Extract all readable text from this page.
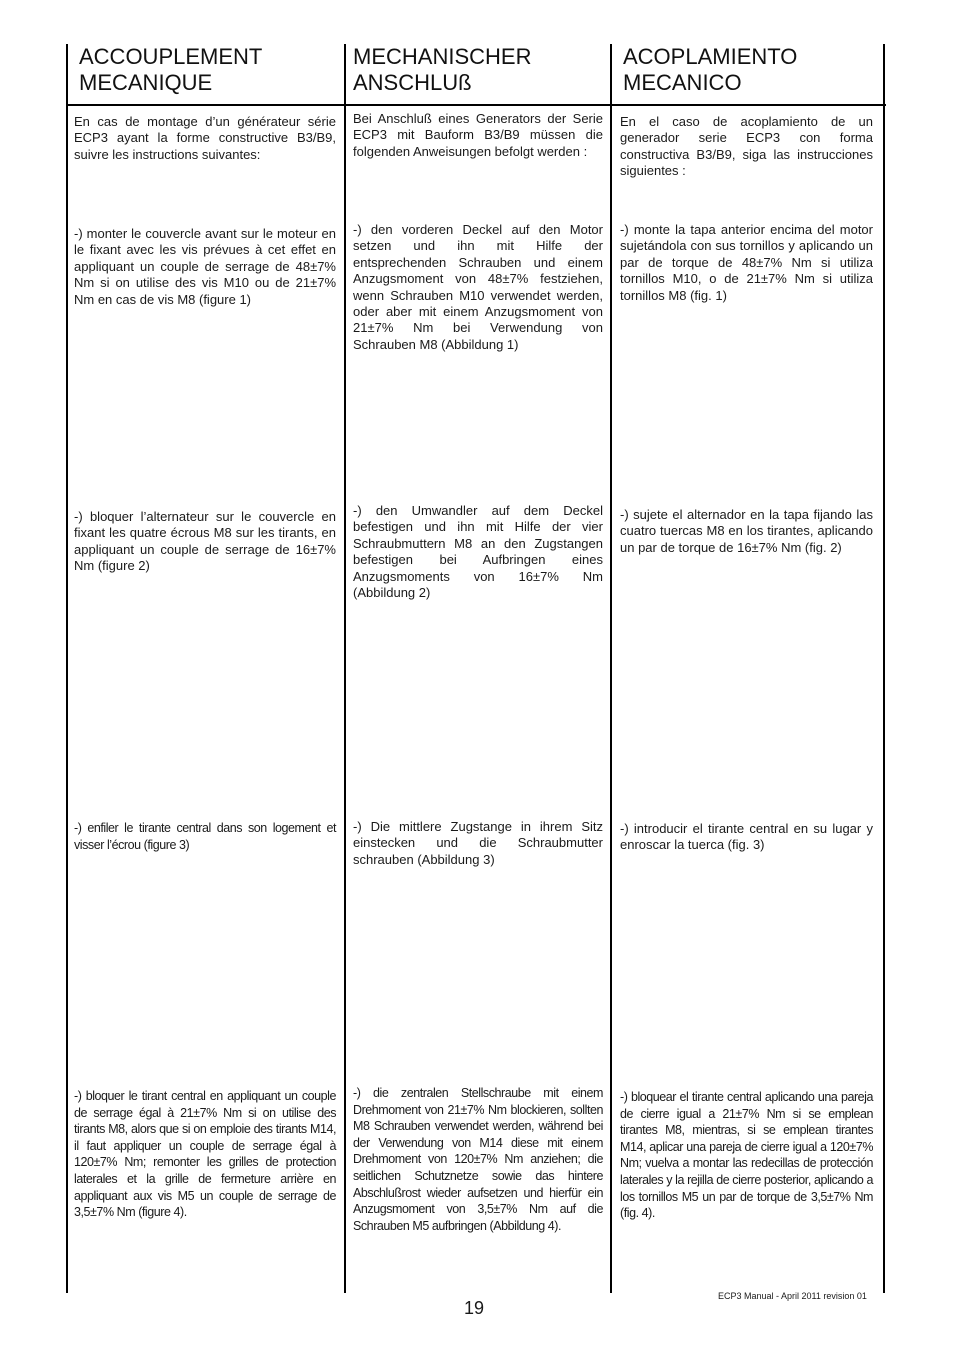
ACCOUPLEMENT
MECANIQUE
En cas de montage d’un générateur série ECP3 ayant la forme constructive B3/B9, suivre les instructions suivantes:
-) monter le couvercle avant sur le moteur en le fixant avec les vis prévues à cet effet en appliquant un couple de serrage de 48±7% Nm si on utilise des vis M10 ou de 21±7% Nm en cas de vis M8 (figure 1)
-) bloquer l’alternateur sur le couvercle en fixant les quatre écrous M8 sur les tirants, en appliquant un couple de serrage de 16±7% Nm (figure 2)
-) enfiler le tirante central dans son logement et visser l’écrou (figure 3)
-) bloquer le tirant central en appliquant un couple de serrage égal à 21±7% Nm si on utilise des tirants M8, alors que si on emploie des tirants M14, il faut appliquer un couple de serrage égal à 120±7% Nm; remonter les grilles de protection laterales et la grille de fermeture arrière en appliquant aux vis M5 un couple de serrage de 3,5±7% Nm (figure 4).
MECHANISCHER
ANSCHLUß
Bei Anschluß eines Generators der Serie ECP3 mit Bauform B3/B9 müssen die folgenden Anweisungen befolgt werden :
-) den vorderen Deckel auf den Motor setzen und ihn mit Hilfe der entsprechenden Schrauben und einem Anzugsmoment von 48±7% festziehen, wenn Schrauben M10 verwendet werden, oder aber mit einem Anzugsmoment von 21±7% Nm bei Verwendung von Schrauben M8 (Abbildung 1)
-) den Umwandler auf dem Deckel befestigen und ihn mit Hilfe der vier Schraubmuttern M8 an den Zugstangen befestigen bei Aufbringen eines Anzugsmoments von 16±7% Nm (Abbildung 2)
-) Die mittlere Zugstange in ihrem Sitz einstecken und die Schraubmutter schrauben (Abbildung 3)
-) die zentralen Stellschraube mit einem Drehmoment von 21±7% Nm blockieren, sollten M8 Schrauben verwendet werden, während bei der Verwendung von M14 diese mit einem Drehmoment von 120±7% Nm anziehen; die seitlichen Schutznetze sowie das hintere Abschlußrost wieder aufsetzen und hierfür ein Anzugsmoment von 3,5±7% Nm auf die Schrauben M5 aufbringen (Abbildung 4).
ACOPLAMIENTO
MECANICO
En el caso de acoplamiento de un generador serie ECP3 con forma constructiva B3/B9, siga las instrucciones siguientes :
-) monte la tapa anterior encima del motor sujetándola con sus tornillos y aplicando un par de torque de 48±7% Nm si utiliza tornillos M10, o de 21±7% Nm si utiliza tornillos M8 (fig. 1)
-) sujete el alternador en la tapa fijando las cuatro tuercas M8 en los tirantes, aplicando un par de torque de 16±7% Nm (fig. 2)
-) introducir el tirante central en su lugar y enroscar la tuerca (fig. 3)
-) bloquear el tirante central aplicando una pareja de cierre igual a 21±7% Nm si se emplean tirantes M8, mientras, si se emplean tirantes M14, aplicar una pareja de cierre igual a 120±7% Nm; vuelva a montar las redecillas de protección laterales y la rejilla de cierre posterior, aplicando a los tornillos M5 un par de torque de 3,5±7% Nm (fig. 4).
19
ECP3 Manual - April 2011 revision 01
